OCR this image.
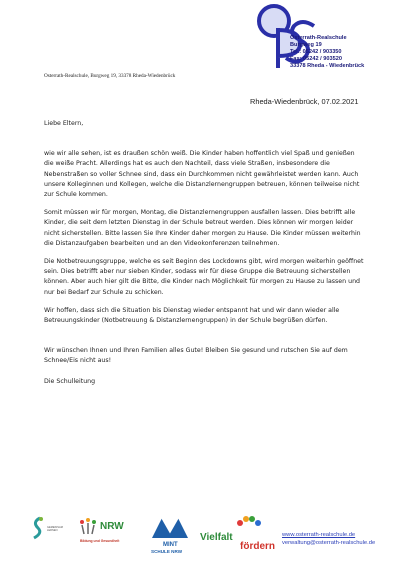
Osterrath-Realschule
Burgweg 19
Tel.: 05242 / 903350
Fax: 05242 / 903520
33378 Rheda - Wiedenbrück
Osterrath-Realschule, Burgweg 19, 33378 Rheda-Wiedenbrück
Rheda-Wiedenbrück, 07.02.2021

Liebe Eltern,

wie wir alle sehen, ist es draußen schön weiß. Die Kinder haben hoffentlich viel Spaß und genießen die weiße Pracht. Allerdings hat es auch den Nachteil, dass viele Straßen, insbesondere die Nebenstraßen so voller Schnee sind, dass ein Durchkommen nicht gewährleistet werden kann. Auch unsere Kolleginnen und Kollegen, welche die Distanzlernengruppen betreuen, können teilweise nicht zur Schule kommen.

Somit müssen wir für morgen, Montag, die Distanzlernengruppen ausfallen lassen. Dies betrifft alle Kinder, die seit dem letzten Dienstag in der Schule betreut werden. Dies können wir morgen leider nicht sicherstellen. Bitte lassen Sie Ihre Kinder daher morgen zu Hause. Die Kinder müssen weiterhin die Distanzaufgaben bearbeiten und an den Videokonferenzen teilnehmen.

Die Notbetreuungsgruppe, welche es seit Beginn des Lockdowns gibt, wird morgen weiterhin geöffnet sein. Dies betrifft aber nur sieben Kinder, sodass wir für diese Gruppe die Betreuung sicherstellen können. Aber auch hier gilt die Bitte, die Kinder nach Möglichkeit für morgen zu Hause zu lassen und nur bei Bedarf zur Schule zu schicken.

Wir hoffen, dass sich die Situation bis Dienstag wieder entspannt hat und wir dann wieder alle Betreuungskinder (Notbetreuung & Distanzlernengruppen) in der Schule begrüßen dürfen.

Wir wünschen Ihnen und Ihren Familien alles Gute! Bleiben Sie gesund und rutschen Sie auf dem Schnee/Eis nicht aus!

Die Schulleitung

GEMEINSAM LERNEN	NRW
Bildung und Gesundheit
MINT
SCHULE NRW
Vielfalt
fördern
www.osterrath-realschule.de
verwaltung@osterrath-realschule.de
